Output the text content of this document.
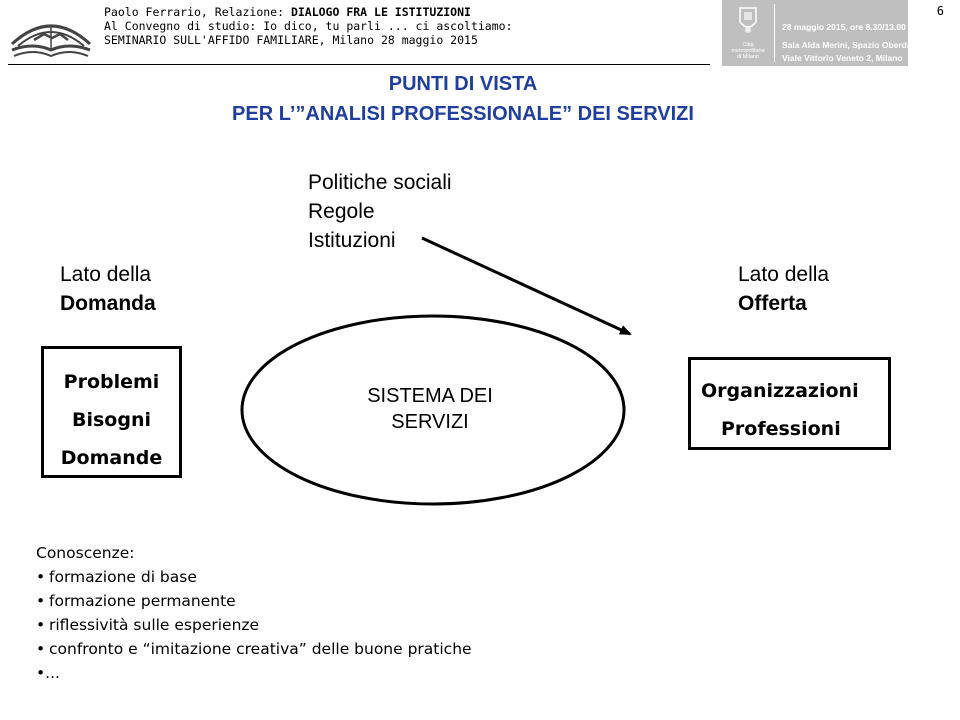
Paolo Ferrario, Relazione: DIALOGO FRA LE ISTITUZIONI
Al Convegno di studio: Io dico, tu parli ... ci ascoltiamo:
SEMINARIO SULL'AFFIDO FAMILIARE, Milano 28 maggio 2015	Città
metropolitana
di Milano
28 maggio 2015, ore 8.30/13.00
Sala Alda Merini, Spazio Oberdan
Viale Vittorio Veneto 2, Milano
6
PUNTI DI VISTA
PER L’”ANALISI PROFESSIONALE” DEI SERVIZI
Politiche sociali
Regole
Istituzioni
Lato della
Domanda
Lato della
Offerta
Problemi
Bisogni
Domande
Organizzazioni
Professioni
SISTEMA DEI
SERVIZI
Conoscenze:
• formazione di base
• formazione permanente
• riflessività sulle esperienze
• confronto e “imitazione creativa” delle buone pratiche
•...
